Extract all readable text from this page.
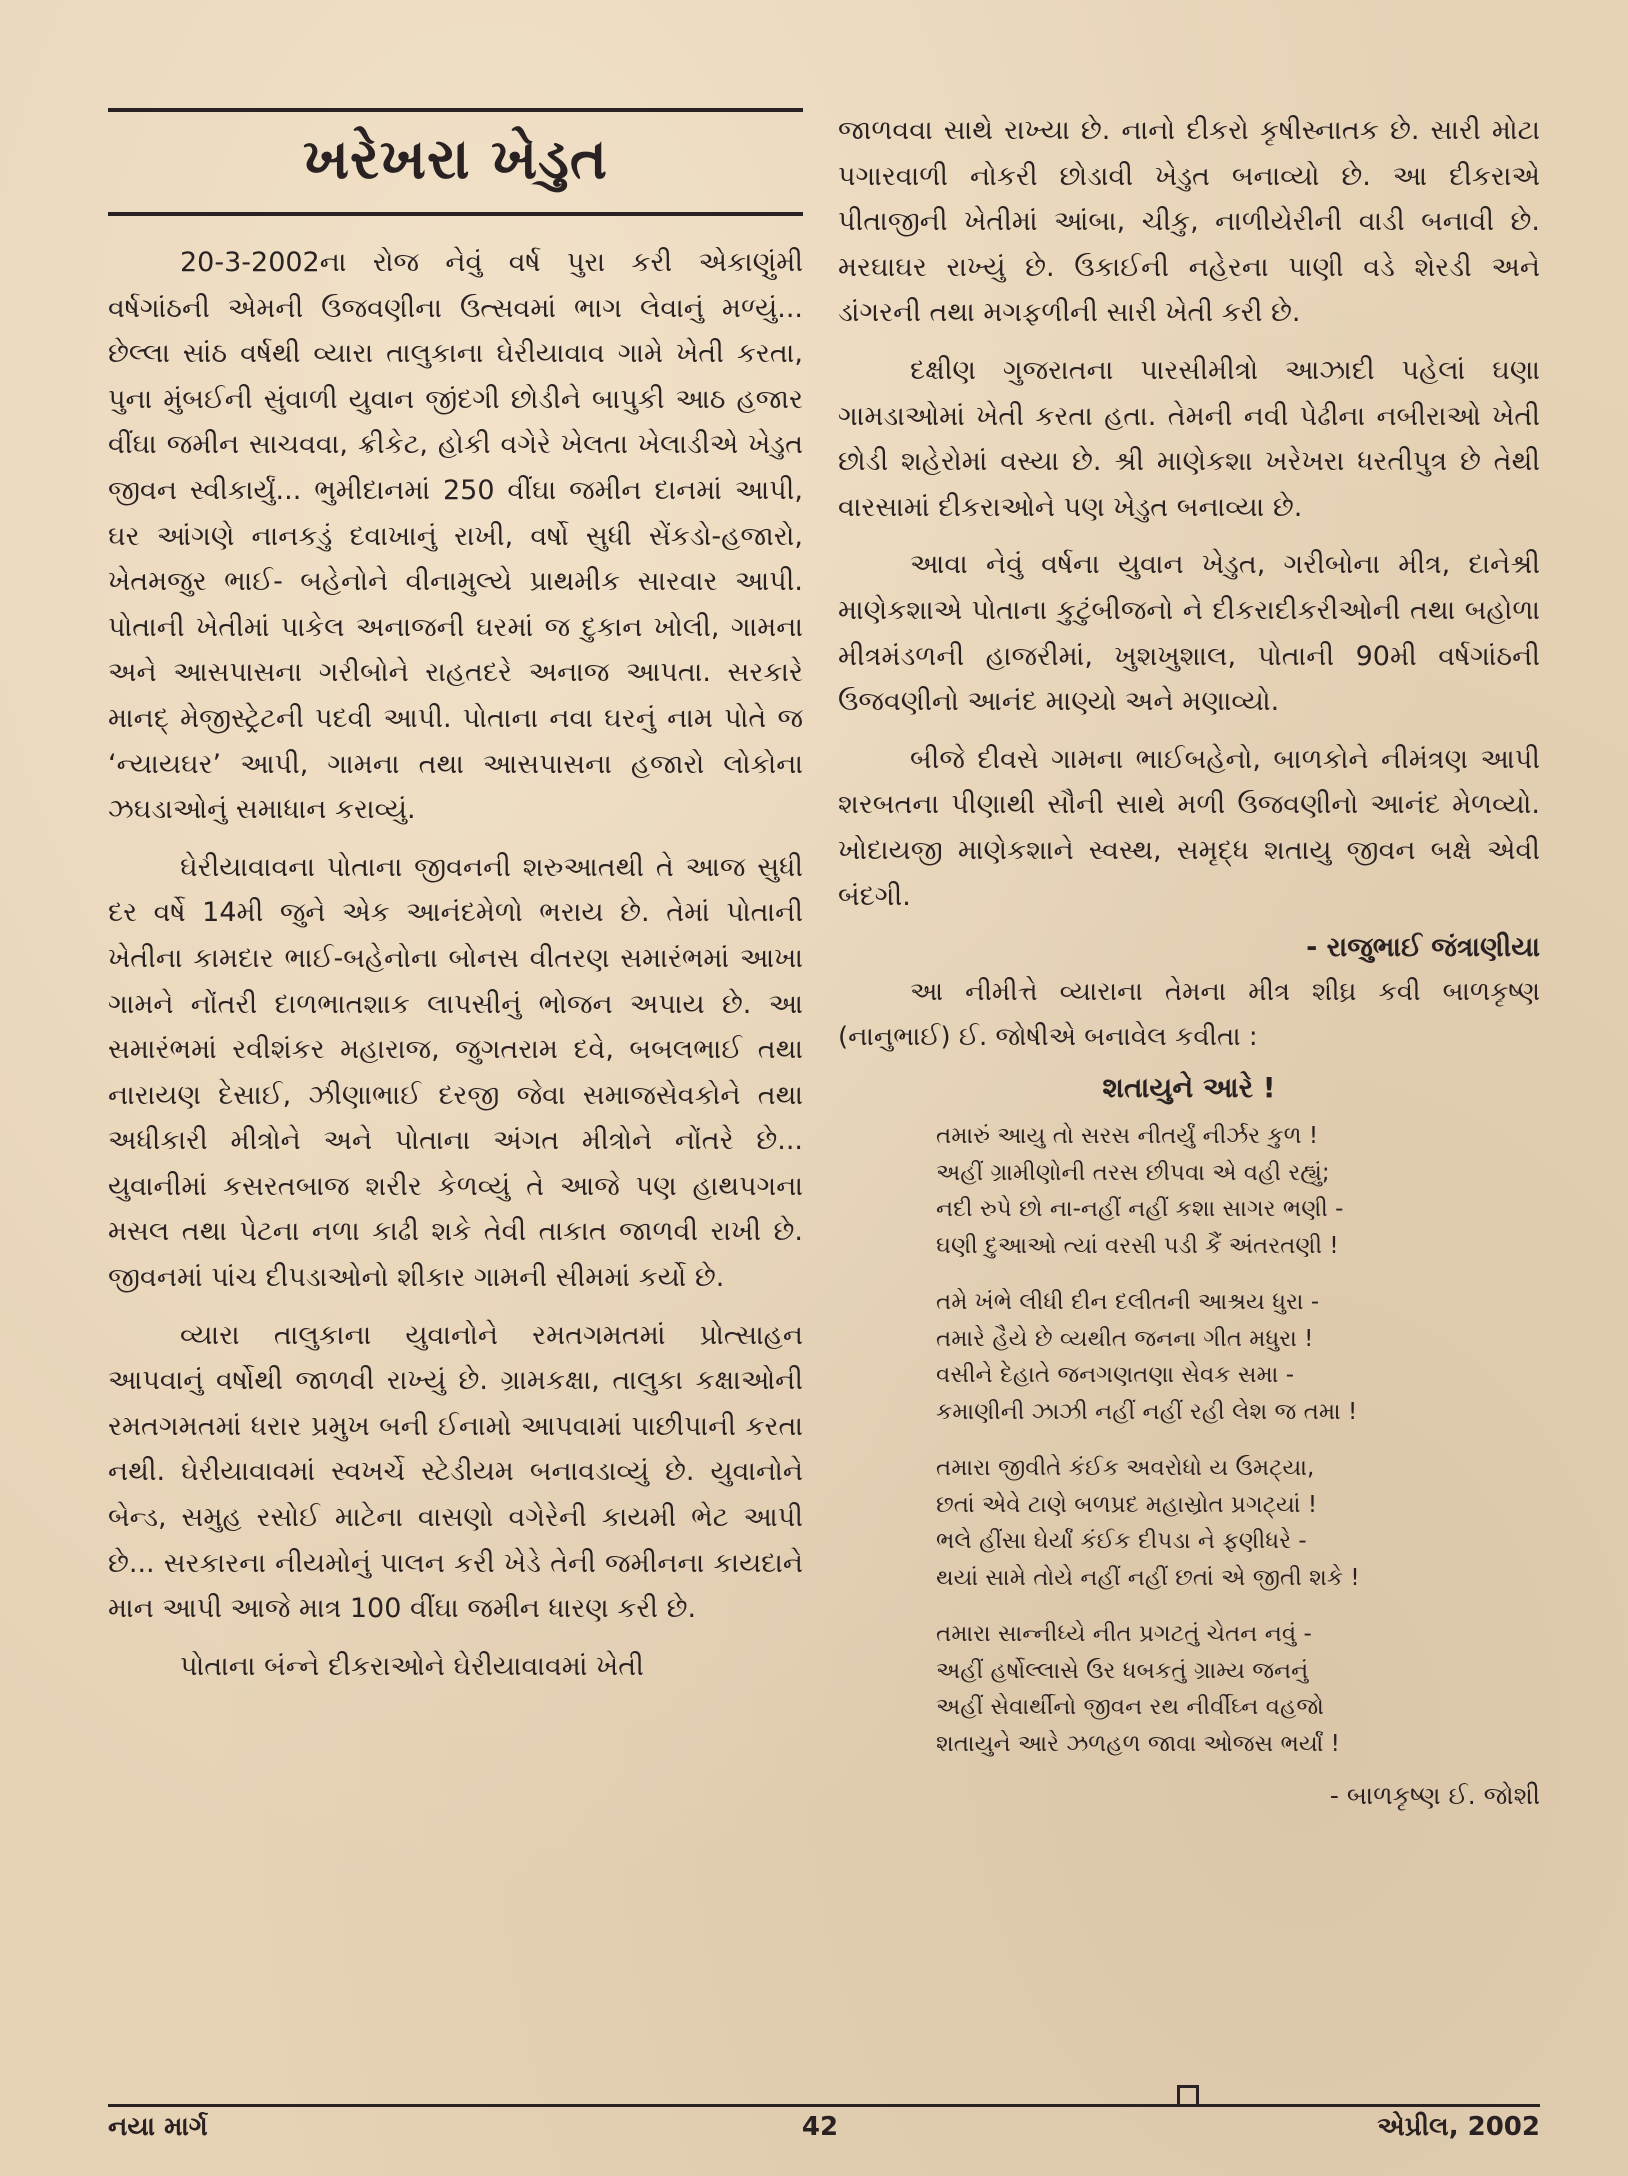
ખરેખરા ખેડુત

20-3-2002ના રોજ નેવું વર્ષ પુરા કરી એકાણુંમી વર્ષગાંઠની એમની ઉજવણીના ઉત્સવમાં ભાગ લેવાનું મળ્યું... છેલ્લા સાંઠ વર્ષથી વ્યારા તાલુકાના ઘેરીયાવાવ ગામે ખેતી કરતા, પુના મુંબઈની સુંવાળી યુવાન જીંદગી છોડીને બાપુકી આઠ હજાર વીંઘા જમીન સાચવવા, ક્રીકેટ, હોકી વગેરે ખેલતા ખેલાડીએ ખેડુત જીવન સ્વીકાર્યું... ભુમીદાનમાં 250 વીંઘા જમીન દાનમાં આપી, ઘર આંગણે નાનકડું દવાખાનું રાખી, વર્ષો સુધી સેંકડો-હજારો, ખેતમજુર ભાઈ- બહેનોને વીનામુલ્યે પ્રાથમીક સારવાર આપી. પોતાની ખેતીમાં પાકેલ અનાજની ઘરમાં જ દુકાન ખોલી, ગામના અને આસપાસના ગરીબોને રાહતદરે અનાજ આપતા. સરકારે માનદ્ મેજીસ્ટ્રેટની પદવી આપી. પોતાના નવા ઘરનું નામ પોતે જ ‘ન્યાયઘર’ આપી, ગામના તથા આસપાસના હજારો લોકોના ઝઘડાઓનું સમાધાન કરાવ્યું.

ઘેરીયાવાવના પોતાના જીવનની શરુઆતથી તે આજ સુધી દર વર્ષે 14મી જુને એક આનંદમેળો ભરાય છે. તેમાં પોતાની ખેતીના કામદાર ભાઈ-બહેનોના બોનસ વીતરણ સમારંભમાં આખા ગામને નોંતરી દાળભાતશાક લાપસીનું ભોજન અપાય છે. આ સમારંભમાં રવીશંકર મહારાજ, જુગતરામ દવે, બબલભાઈ તથા નારાયણ દેસાઈ, ઝીણાભાઈ દરજી જેવા સમાજસેવકોને તથા અધીકારી મીત્રોને અને પોતાના અંગત મીત્રોને નોંતરે છે... યુવાનીમાં કસરતબાજ શરીર કેળવ્યું તે આજે પણ હાથપગના મસલ તથા પેટના નળા કાઢી શકે તેવી તાકાત જાળવી રાખી છે. જીવનમાં પાંચ દીપડાઓનો શીકાર ગામની સીમમાં કર્યો છે.

વ્યારા તાલુકાના યુવાનોને રમતગમતમાં પ્રોત્સાહન આપવાનું વર્ષોથી જાળવી રાખ્યું છે. ગ્રામકક્ષા, તાલુકા કક્ષાઓની રમતગમતમાં ધરાર પ્રમુખ બની ઈનામો આપવામાં પાછીપાની કરતા નથી. ઘેરીયાવાવમાં સ્વખર્ચે સ્ટેડીયમ બનાવડાવ્યું છે. યુવાનોને બેન્ડ, સમુહ રસોઈ માટેના વાસણો વગેરેની કાયમી ભેટ આપી છે... સરકારના નીયમોનું પાલન કરી ખેડે તેની જમીનના કાયદાને માન આપી આજે માત્ર 100 વીંઘા જમીન ધારણ કરી છે.

પોતાના બંન્ને દીકરાઓને ઘેરીયાવાવમાં ખેતી

જાળવવા સાથે રાખ્યા છે. નાનો દીકરો કૃષીસ્નાતક છે. સારી મોટા પગારવાળી નોકરી છોડાવી ખેડુત બનાવ્યો છે. આ દીકરાએ પીતાજીની ખેતીમાં આંબા, ચીકુ, નાળીયેરીની વાડી બનાવી છે. મરઘાઘર રાખ્યું છે. ઉકાઈની નહેરના પાણી વડે શેરડી અને ડાંગરની તથા મગફળીની સારી ખેતી કરી છે.

દક્ષીણ ગુજરાતના પારસીમીત્રો આઝાદી પહેલાં ઘણા ગામડાઓમાં ખેતી કરતા હતા. તેમની નવી પેઢીના નબીરાઓ ખેતી છોડી શહેરોમાં વસ્યા છે. શ્રી માણેકશા ખરેખરા ધરતીપુત્ર છે તેથી વારસામાં દીકરાઓને પણ ખેડુત બનાવ્યા છે.

આવા નેવું વર્ષના યુવાન ખેડુત, ગરીબોના મીત્ર, દાનેશ્રી માણેકશાએ પોતાના કુટુંબીજનો ને દીકરાદીકરીઓની તથા બહોળા મીત્રમંડળની હાજરીમાં, ખુશખુશાલ, પોતાની 90મી વર્ષગાંઠની ઉજવણીનો આનંદ માણ્યો અને મણાવ્યો.

બીજે દીવસે ગામના ભાઈબહેનો, બાળકોને નીમંત્રણ આપી શરબતના પીણાથી સૌની સાથે મળી ઉજવણીનો આનંદ મેળવ્યો. ખોદાયજી માણેકશાને સ્વસ્થ, સમૃદ્ધ શતાયુ જીવન બક્ષે એવી બંદગી.

- રાજુભાઈ જંત્રાણીયા

આ નીમીત્તે વ્યારાના તેમના મીત્ર શીઘ્ર કવી બાળકૃષ્ણ (નાનુભાઈ) ઈ. જોષીએ બનાવેલ કવીતા :

શતાયુને આરે !
તમારું આયુ તો સરસ નીતર્યું નીર્ઝર કુળ !
અહીં ગ્રામીણોની તરસ છીપવા એ વહી રહ્યું;
નદી રુપે છો ના-નહીં નહીં કશા સાગર ભણી -
ઘણી દુઆઓ ત્યાં વરસી પડી કૈં અંતરતણી !
તમે ખંભે લીધી દીન દલીતની આશ્રય ધુરા -
તમારે હૈયે છે વ્યથીત જનના ગીત મધુરા !
વસીને દેહાતે જનગણતણા સેવક સમા -
કમાણીની ઝાઝી નહીં નહીં રહી લેશ જ તમા !
તમારા જીવીતે કંઈક અવરોધો ય ઉમટ્યા,
છતાં એવે ટાણે બળપ્રદ મહાસ્રોત પ્રગટ્યાં !
ભલે હીંસા ઘેર્યાં કંઈક દીપડા ને ફણીધરે -
થયાં સામે તોયે નહીં નહીં છતાં એ જીતી શકે !
તમારા સાન્નીધ્યે નીત પ્રગટતું ચેતન નવું -
અહીં હર્ષોલ્લાસે ઉર ધબકતું ગ્રામ્ય જનનું
અહીં સેવાર્થીનો જીવન રથ નીર્વીઘ્ન વહજો
શતાયુને આરે ઝળહળ જાવા ઓજસ ભર્યાં !
- બાળકૃષ્ણ ઈ. જોશી
નયા માર્ગ	42	એપ્રીલ, 2002
